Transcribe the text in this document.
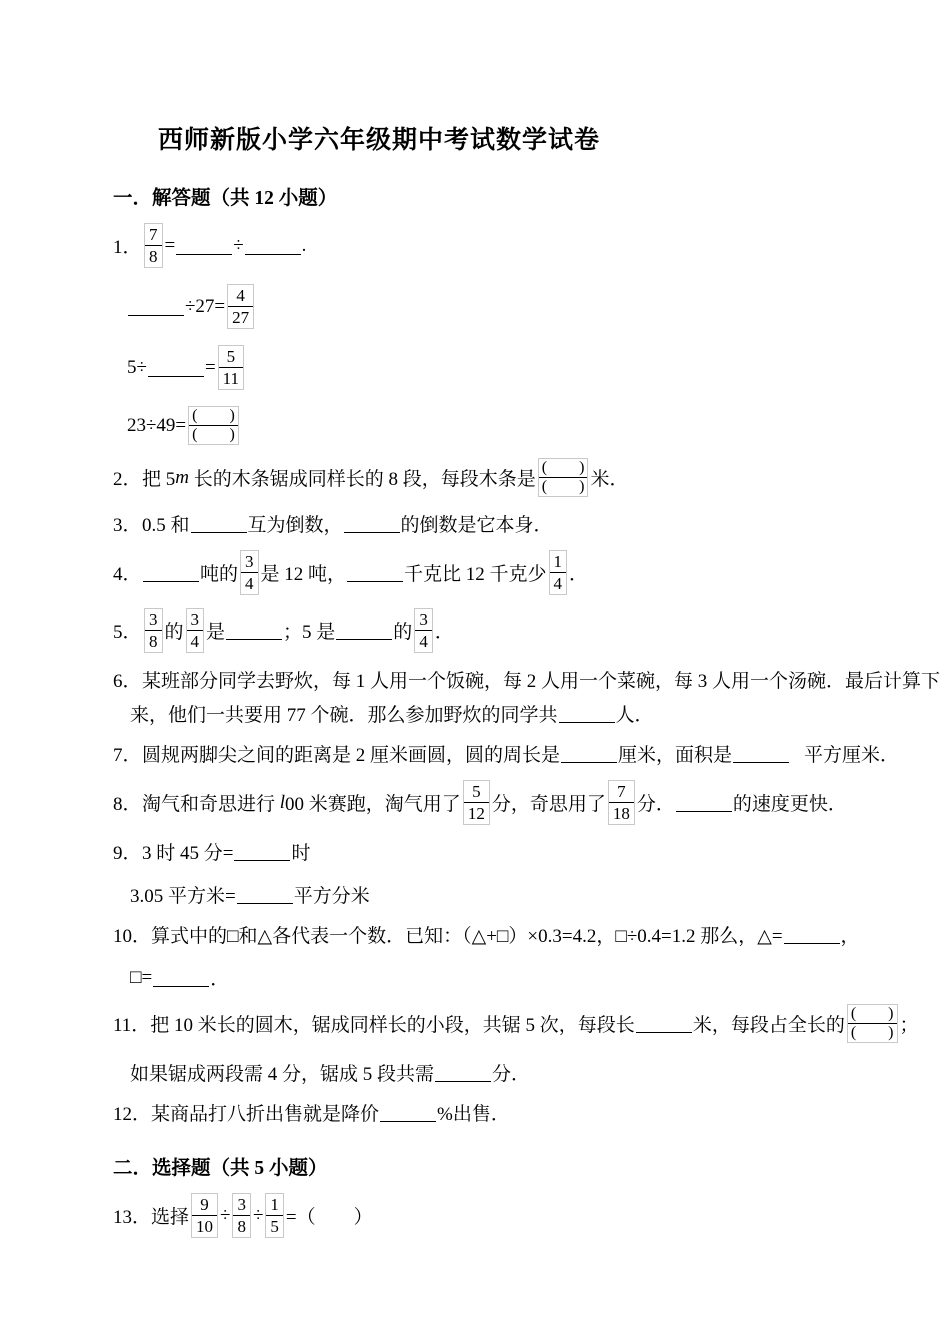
西师新版小学六年级期中考试数学试卷
一．解答题（共 12 小题）
1． $\frac{7}{8}$ =	÷	.
$\div 27= \frac{4}{27}$
5÷	= $\frac{5}{11}$
$23\div 49= \frac{( )}{( )}$
2． 把 5 m 长的木条锯成同样长的 8 段，每段木条是 $\frac{( )}{( )}$ 米．
3． 0.5 和	互为倒数，	的倒数是它本身．
4．	吨的 $\frac{3}{4}$ 是 12 吨，	千克比 12 千克少 $\frac{1}{4}$ ．
5． $\frac{3}{8}$ 的 $\frac{3}{4}$ 是	；5 是	的 $\frac{3}{4}$ ．
6． 某班部分同学去野炊，每 1 人用一个饭碗，每 2 人用一个菜碗，每 3 人用一个汤碗．最后计算下
来，他们一共要用 77 个碗．那么参加野炊的同学共	人．
7． 圆规两脚尖之间的距离是 2 厘米画圆，圆的周长是	厘米，面积是	平方厘米．
8． 淘气和奇思进行 l 00 米赛跑，淘气用了 $\frac{5}{12}$ 分，奇思用了 $\frac{7}{18}$ 分．	的速度更快．
9． 3 时 45 分=	时
3.05 平方米=	平方分米
10． 算式中的□和△各代表一个数．已知：（△+□）×0.3=4.2，□÷0.4=1.2 那么，△=	，
□=	．
11． 把 10 米长的圆木，锯成同样长的小段，共锯 5 次，每段长	米，每段占全长的 $\frac{( )}{( )}$ ；
如果锯成两段需 4 分，锯成 5 段共需	分．
12． 某商品打八折出售就是降价	%出售．
二．选择题（共 5 小题）
13． 选择 $\frac{9}{10} \div \frac{3}{8} \div \frac{1}{5}$ =（　　）
